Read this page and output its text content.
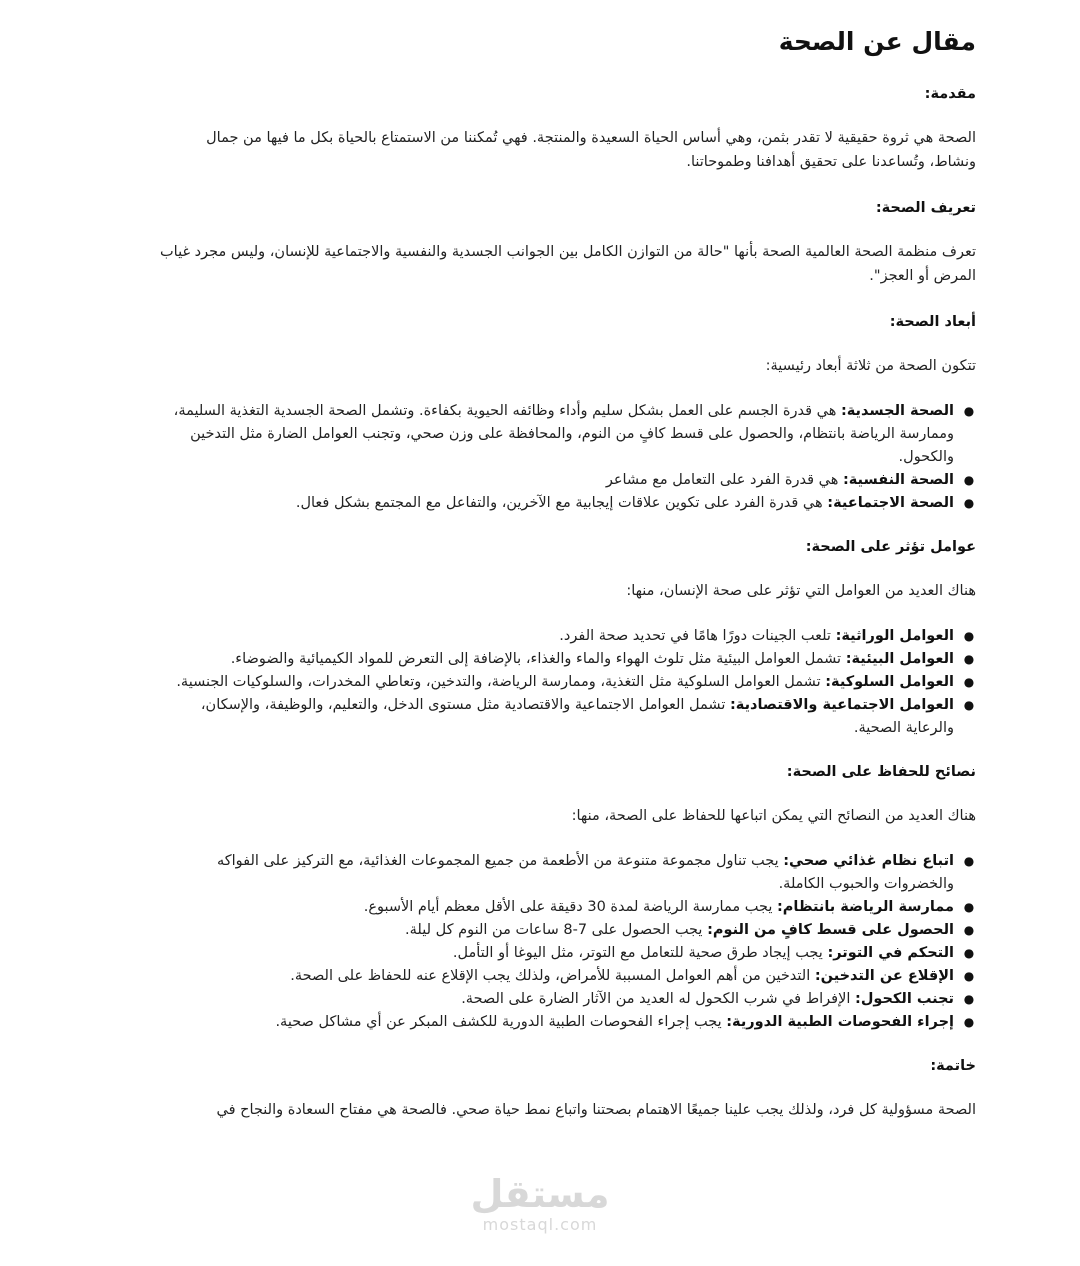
مقال عن الصحة
مقدمة:

الصحة هي ثروة حقيقية لا تقدر بثمن، وهي أساس الحياة السعيدة والمنتجة. فهي تُمكننا من الاستمتاع بالحياة بكل ما فيها من جمال ونشاط، وتُساعدنا على تحقيق أهدافنا وطموحاتنا.

تعريف الصحة:

تعرف منظمة الصحة العالمية الصحة بأنها "حالة من التوازن الكامل بين الجوانب الجسدية والنفسية والاجتماعية للإنسان، وليس مجرد غياب المرض أو العجز".

أبعاد الصحة:

تتكون الصحة من ثلاثة أبعاد رئيسية:

●
الصحة الجسدية: هي قدرة الجسم على العمل بشكل سليم وأداء وظائفه الحيوية بكفاءة. وتشمل الصحة الجسدية التغذية السليمة، وممارسة الرياضة بانتظام، والحصول على قسط كافٍ من النوم، والمحافظة على وزن صحي، وتجنب العوامل الضارة مثل التدخين والكحول.
●
الصحة النفسية: هي قدرة الفرد على التعامل مع مشاعر
●
الصحة الاجتماعية: هي قدرة الفرد على تكوين علاقات إيجابية مع الآخرين، والتفاعل مع المجتمع بشكل فعال.
عوامل تؤثر على الصحة:

هناك العديد من العوامل التي تؤثر على صحة الإنسان، منها:

●
العوامل الوراثية: تلعب الجينات دورًا هامًا في تحديد صحة الفرد.
●
العوامل البيئية: تشمل العوامل البيئية مثل تلوث الهواء والماء والغذاء، بالإضافة إلى التعرض للمواد الكيميائية والضوضاء.
●
العوامل السلوكية: تشمل العوامل السلوكية مثل التغذية، وممارسة الرياضة، والتدخين، وتعاطي المخدرات، والسلوكيات الجنسية.
●
العوامل الاجتماعية والاقتصادية: تشمل العوامل الاجتماعية والاقتصادية مثل مستوى الدخل، والتعليم، والوظيفة، والإسكان، والرعاية الصحية.
نصائح للحفاظ على الصحة:

هناك العديد من النصائح التي يمكن اتباعها للحفاظ على الصحة، منها:

●
اتباع نظام غذائي صحي: يجب تناول مجموعة متنوعة من الأطعمة من جميع المجموعات الغذائية، مع التركيز على الفواكه والخضروات والحبوب الكاملة.
●
ممارسة الرياضة بانتظام: يجب ممارسة الرياضة لمدة 30 دقيقة على الأقل معظم أيام الأسبوع.
●
الحصول على قسط كافٍ من النوم: يجب الحصول على 7-8 ساعات من النوم كل ليلة.
●
التحكم في التوتر: يجب إيجاد طرق صحية للتعامل مع التوتر، مثل اليوغا أو التأمل.
●
الإقلاع عن التدخين: التدخين من أهم العوامل المسببة للأمراض، ولذلك يجب الإقلاع عنه للحفاظ على الصحة.
●
تجنب الكحول: الإفراط في شرب الكحول له العديد من الآثار الضارة على الصحة.
●
إجراء الفحوصات الطبية الدورية: يجب إجراء الفحوصات الطبية الدورية للكشف المبكر عن أي مشاكل صحية.
خاتمة:

الصحة مسؤولية كل فرد، ولذلك يجب علينا جميعًا الاهتمام بصحتنا واتباع نمط حياة صحي. فالصحة هي مفتاح السعادة والنجاح في

مستقل
mostaql.com
